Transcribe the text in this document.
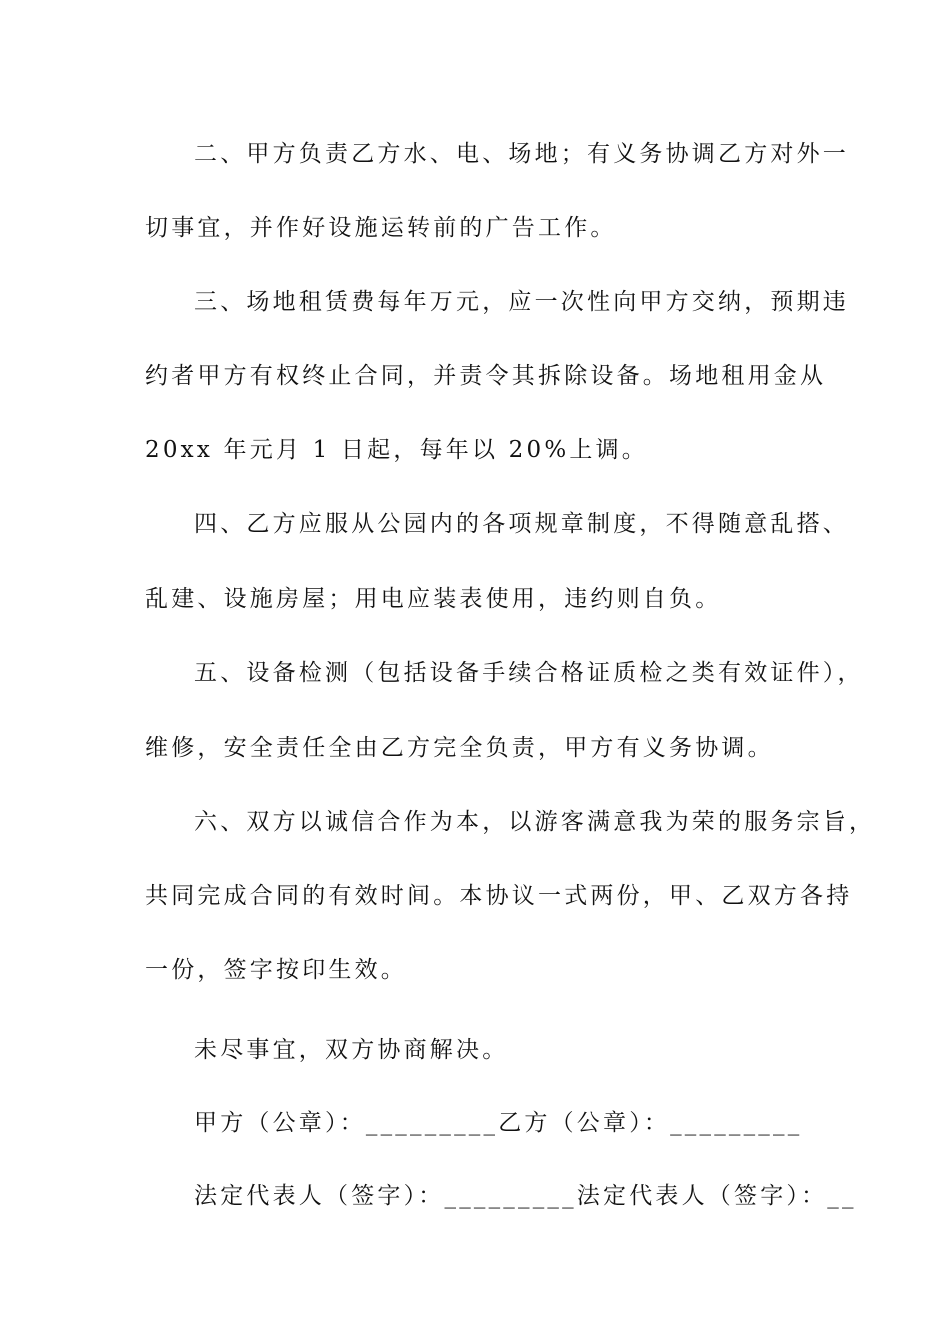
二、甲方负责乙方水、电、场地；有义务协调乙方对外一
切事宜，并作好设施运转前的广告工作。
三、场地租赁费每年万元，应一次性向甲方交纳，预期违
约者甲方有权终止合同，并责令其拆除设备。场地租用金从
20xx 年元月 1 日起，每年以 20%上调。
四、乙方应服从公园内的各项规章制度，不得随意乱搭、
乱建、设施房屋；用电应装表使用，违约则自负。
五、设备检测（包括设备手续合格证质检之类有效证件），
维修，安全责任全由乙方完全负责，甲方有义务协调。
六、双方以诚信合作为本，以游客满意我为荣的服务宗旨，
共同完成合同的有效时间。本协议一式两份，甲、乙双方各持
一份，签字按印生效。
未尽事宜，双方协商解决。
甲方（公章）：_________乙方（公章）：_________
法定代表人（签字）：_________法定代表人（签字）：__
